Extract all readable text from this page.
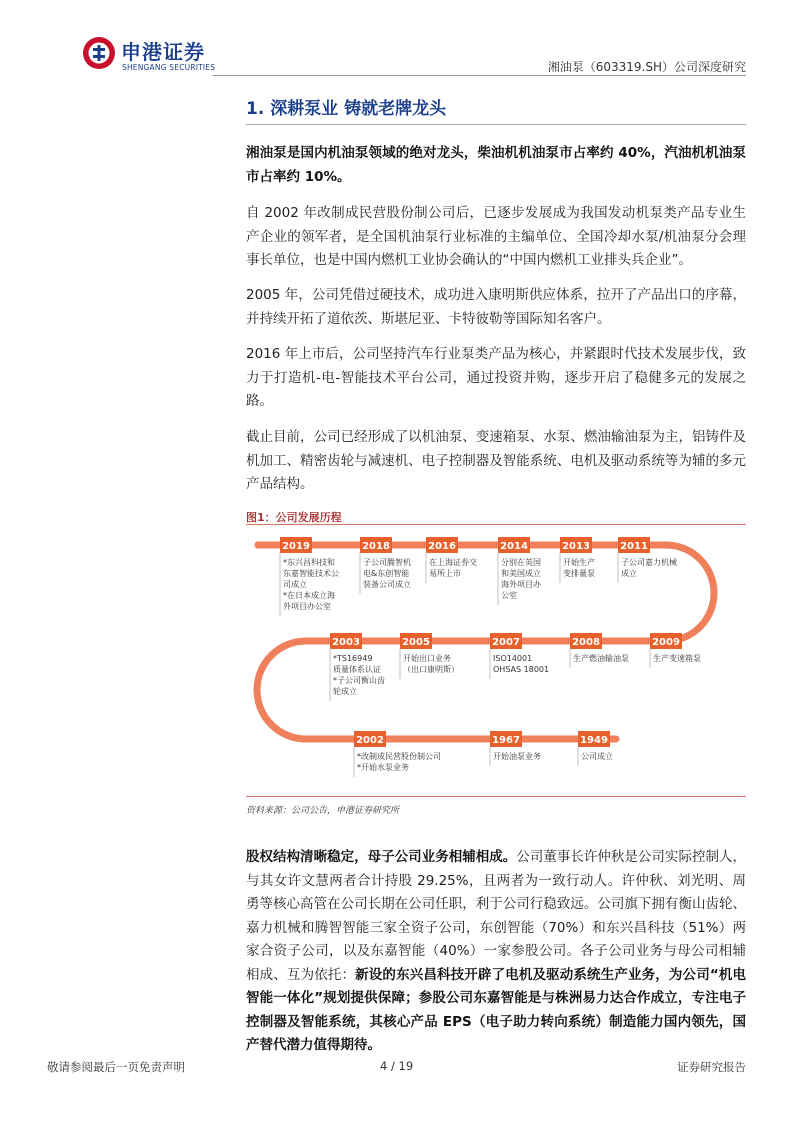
申港证券
SHENGANG SECURITIES	湘油泵（603319.SH）公司深度研究
1. 深耕泵业 铸就老牌龙头
湘油泵是国内机油泵领域的绝对龙头，柴油机机油泵市占率约 40%，汽油机机油泵市占率约 10%。
自 2002 年改制成民营股份制公司后，已逐步发展成为我国发动机泵类产品专业生产企业的领军者，是全国机油泵行业标准的主编单位、全国冷却水泵/机油泵分会理事长单位，也是中国内燃机工业协会确认的“中国内燃机工业排头兵企业”。
2005 年，公司凭借过硬技术，成功进入康明斯供应体系，拉开了产品出口的序幕，并持续开拓了道依茨、斯堪尼亚、卡特彼勒等国际知名客户。
2016 年上市后，公司坚持汽车行业泵类产品为核心，并紧跟时代技术发展步伐，致力于打造机-电-智能技术平台公司，通过投资并购，逐步开启了稳健多元的发展之路。
截止目前，公司已经形成了以机油泵、变速箱泵、水泵、燃油输油泵为主，铝铸件及机加工、精密齿轮与减速机、电子控制器及智能系统、电机及驱动系统等为辅的多元产品结构。
图1：公司发展历程
2019
*东兴昌科技和
东嘉智能技术公
司成立
*在日本成立海
外项目办公室
2018
子公司腾智机
电&东创智能
装备公司成立
2016
在上海证券交
易所上市
2014
分别在英国
和美国成立
海外项目办
公室
2013
开始生产
变排量泵
2011
子公司嘉力机械
成立
2003
*TS16949
质量体系认证
*子公司衡山齿
轮成立
2005
开始出口业务
（出口康明斯）
2007
ISO14001
OHSAS 18001
2008
生产燃油输油泵
2009
生产变速箱泵
2002
*改制成民营股份制公司
*开始水泵业务
1967
开始油泵业务
1949
公司成立
资料来源：公司公告，申港证券研究所
股权结构清晰稳定，母子公司业务相辅相成。公司董事长许仲秋是公司实际控制人，与其女许文慧两者合计持股 29.25%，且两者为一致行动人。许仲秋、刘光明、周勇等核心高管在公司长期在公司任职，利于公司行稳致远。公司旗下拥有衡山齿轮、嘉力机械和腾智智能三家全资子公司，东创智能（70%）和东兴昌科技（51%）两家合资子公司，以及东嘉智能（40%）一家参股公司。各子公司业务与母公司相辅相成、互为依托：新设的东兴昌科技开辟了电机及驱动系统生产业务，为公司“机电智能一体化”规划提供保障；参股公司东嘉智能是与株洲易力达合作成立，专注电子控制器及智能系统，其核心产品 EPS（电子助力转向系统）制造能力国内领先，国产替代潜力值得期待。
敬请参阅最后一页免责声明	4 / 19	证券研究报告
